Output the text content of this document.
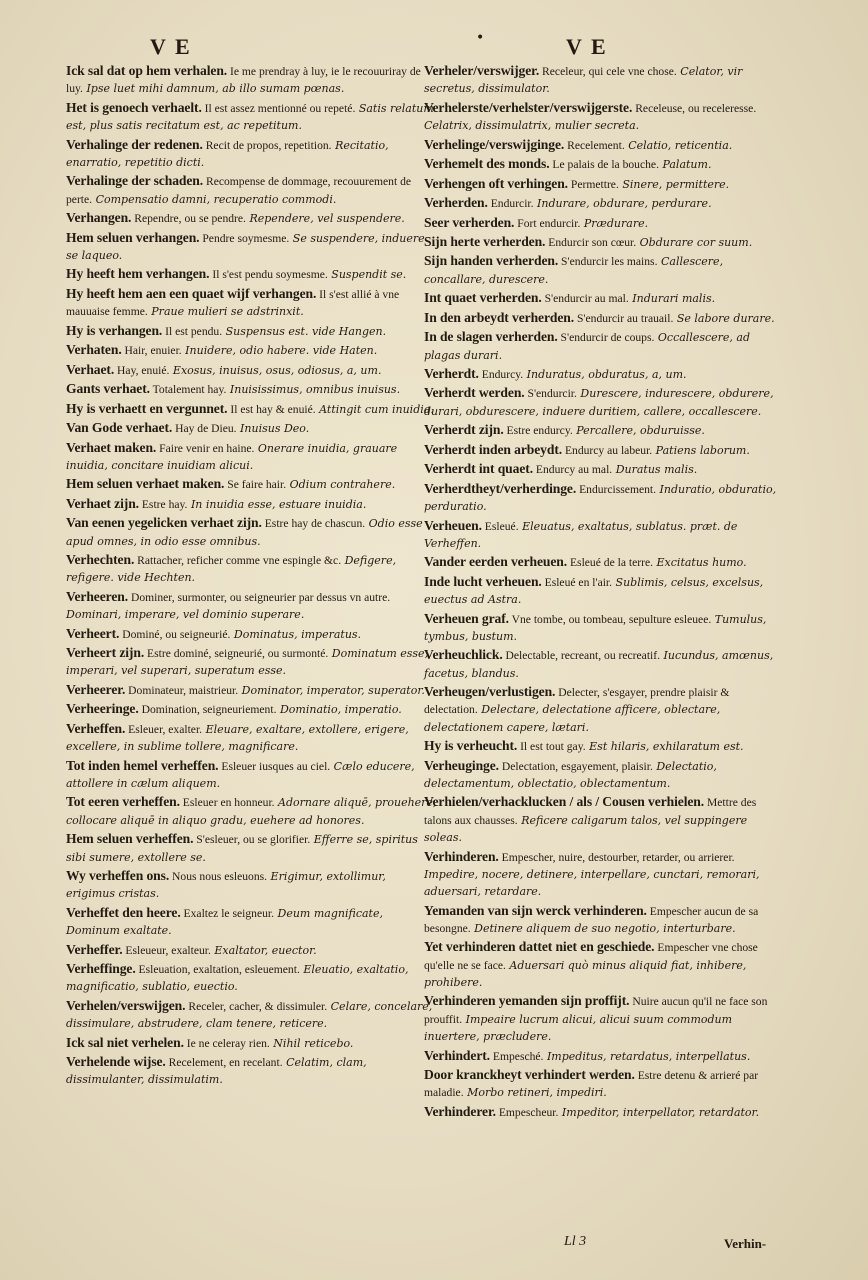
V E	•	V E
Ick sal dat op hem verhalen. Ie me prendray à luy, ie le recouuriray de luy. Ipse luet mihi damnum, ab illo sumam pœnas.
Het is genoech verhaelt. Il est assez mentionné ou repeté. Satis relatum est, plus satis recitatum est, ac repetitum.
Verhalinge der redenen. Recit de propos, repetition. Recitatio, enarratio, repetitio dicti.
Verhalinge der schaden. Recompense de dommage, recouurement de perte. Compensatio damni, recuperatio commodi.
Verhangen. Rependre, ou se pendre. Rependere, vel suspendere.
Hem seluen verhangen. Pendre soymesme. Se suspendere, induere se laqueo.
Hy heeft hem verhangen. Il s'est pendu soymesme. Suspendit se.
Hy heeft hem aen een quaet wijf verhangen. Il s'est allié à vne mauuaise femme. Praue mulieri se adstrinxit.
Hy is verhangen. Il est pendu. Suspensus est. vide Hangen.
Verhaten. Hair, enuier. Inuidere, odio habere. vide Haten.
Verhaet. Hay, enuié. Exosus, inuisus, osus, odiosus, a, um.
Gants verhaet. Totalement hay. Inuisissimus, omnibus inuisus.
Hy is verhaett en vergunnet. Il est hay & enuié. Attingit cum inuidia.
Van Gode verhaet. Hay de Dieu. Inuisus Deo.
Verhaet maken. Faire venir en haine. Onerare inuidia, grauare inuidia, concitare inuidiam alicui.
Hem seluen verhaet maken. Se faire hair. Odium contrahere.
Verhaet zijn. Estre hay. In inuidia esse, estuare inuidia.
Van eenen yegelicken verhaet zijn. Estre hay de chascun. Odio esse apud omnes, in odio esse omnibus.
Verhechten. Rattacher, reficher comme vne espingle &c. Defigere, refigere. vide Hechten.
Verheeren. Dominer, surmonter, ou seigneurier par dessus vn autre. Dominari, imperare, vel dominio superare.
Verheert. Dominé, ou seigneurié. Dominatus, imperatus.
Verheert zijn. Estre dominé, seigneurié, ou surmonté. Dominatum esse, imperari, vel superari, superatum esse.
Verheerer. Dominateur, maistrieur. Dominator, imperator, superator.
Verheeringe. Domination, seigneuriement. Dominatio, imperatio.
Verheffen. Esleuer, exalter. Eleuare, exaltare, extollere, erigere, excellere, in sublime tollere, magnificare.
Tot inden hemel verheffen. Esleuer iusques au ciel. Cælo educere, attollere in cælum aliquem.
Tot eeren verheffen. Esleuer en honneur. Adornare aliquē, prouehere, collocare aliquē in aliquo gradu, euehere ad honores.
Hem seluen verheffen. S'esleuer, ou se glorifier. Efferre se, spiritus sibi sumere, extollere se.
Wy verheffen ons. Nous nous esleuons. Erigimur, extollimur, erigimus cristas.
Verheffet den heere. Exaltez le seigneur. Deum magnificate, Dominum exaltate.
Verheffer. Esleueur, exalteur. Exaltator, euector.
Verheffinge. Esleuation, exaltation, esleuement. Eleuatio, exaltatio, magnificatio, sublatio, euectio.
Verhelen/verswijgen. Receler, cacher, & dissimuler. Celare, concelare, dissimulare, abstrudere, clam tenere, reticere.
Ick sal niet verhelen. Ie ne celeray rien. Nihil reticebo.
Verhelende wijse. Recelement, en recelant. Celatim, clam, dissimulanter, dissimulatim.
Verheler/verswijger. Receleur, qui cele vne chose. Celator, vir secretus, dissimulator.
Verhelerste/verhelster/verswijgerste. Receleuse, ou receleresse. Celatrix, dissimulatrix, mulier secreta.
Verhelinge/verswijginge. Recelement. Celatio, reticentia.
Verhemelt des monds. Le palais de la bouche. Palatum.
Verhengen oft verhingen. Permettre. Sinere, permittere.
Verherden. Endurcir. Indurare, obdurare, perdurare.
Seer verherden. Fort endurcir. Prædurare.
Sijn herte verherden. Endurcir son cœur. Obdurare cor suum.
Sijn handen verherden. S'endurcir les mains. Callescere, concallare, durescere.
Int quaet verherden. S'endurcir au mal. Indurari malis.
In den arbeydt verherden. S'endurcir au trauail. Se labore durare.
In de slagen verherden. S'endurcir de coups. Occallescere, ad plagas durari.
Verherdt. Endurcy. Induratus, obduratus, a, um.
Verherdt werden. S'endurcir. Durescere, indurescere, obdurere, durari, obdurescere, induere duritiem, callere, occallescere.
Verherdt zijn. Estre endurcy. Percallere, obduruisse.
Verherdt inden arbeydt. Endurcy au labeur. Patiens laborum.
Verherdt int quaet. Endurcy au mal. Duratus malis.
Verherdtheyt/verherdinge. Endurcissement. Induratio, obduratio, perduratio.
Verheuen. Esleué. Eleuatus, exaltatus, sublatus. præt. de Verheffen.
Vander eerden verheuen. Esleué de la terre. Excitatus humo.
Inde lucht verheuen. Esleué en l'air. Sublimis, celsus, excelsus, euectus ad Astra.
Verheuen graf. Vne tombe, ou tombeau, sepulture esleuee. Tumulus, tymbus, bustum.
Verheuchlick. Delectable, recreant, ou recreatif. Iucundus, amœnus, facetus, blandus.
Verheugen/verlustigen. Delecter, s'esgayer, prendre plaisir & delectation. Delectare, delectatione afficere, oblectare, delectationem capere, lætari.
Hy is verheucht. Il est tout gay. Est hilaris, exhilaratum est.
Verheuginge. Delectation, esgayement, plaisir. Delectatio, delectamentum, oblectatio, oblectamentum.
Verhielen/verhacklucken / als / Cousen verhielen. Mettre des talons aux chausses. Reficere caligarum talos, vel suppingere soleas.
Verhinderen. Empescher, nuire, destourber, retarder, ou arrierer. Impedire, nocere, detinere, interpellare, cunctari, remorari, aduersari, retardare.
Yemanden van sijn werck verhinderen. Empescher aucun de sa besongne. Detinere aliquem de suo negotio, interturbare.
Yet verhinderen dattet niet en geschiede. Empescher vne chose qu'elle ne se face. Aduersari quò minus aliquid fiat, inhibere, prohibere.
Verhinderen yemanden sijn proffijt. Nuire aucun qu'il ne face son prouffit. Impeaire lucrum alicui, alicui suum commodum inuertere, præcludere.
Verhindert. Empesché. Impeditus, retardatus, interpellatus.
Door kranckheyt verhindert werden. Estre detenu & arrieré par maladie. Morbo retineri, impediri.
Verhinderer. Empescheur. Impeditor, interpellator, retardator.
Ll 3	Verhin-
